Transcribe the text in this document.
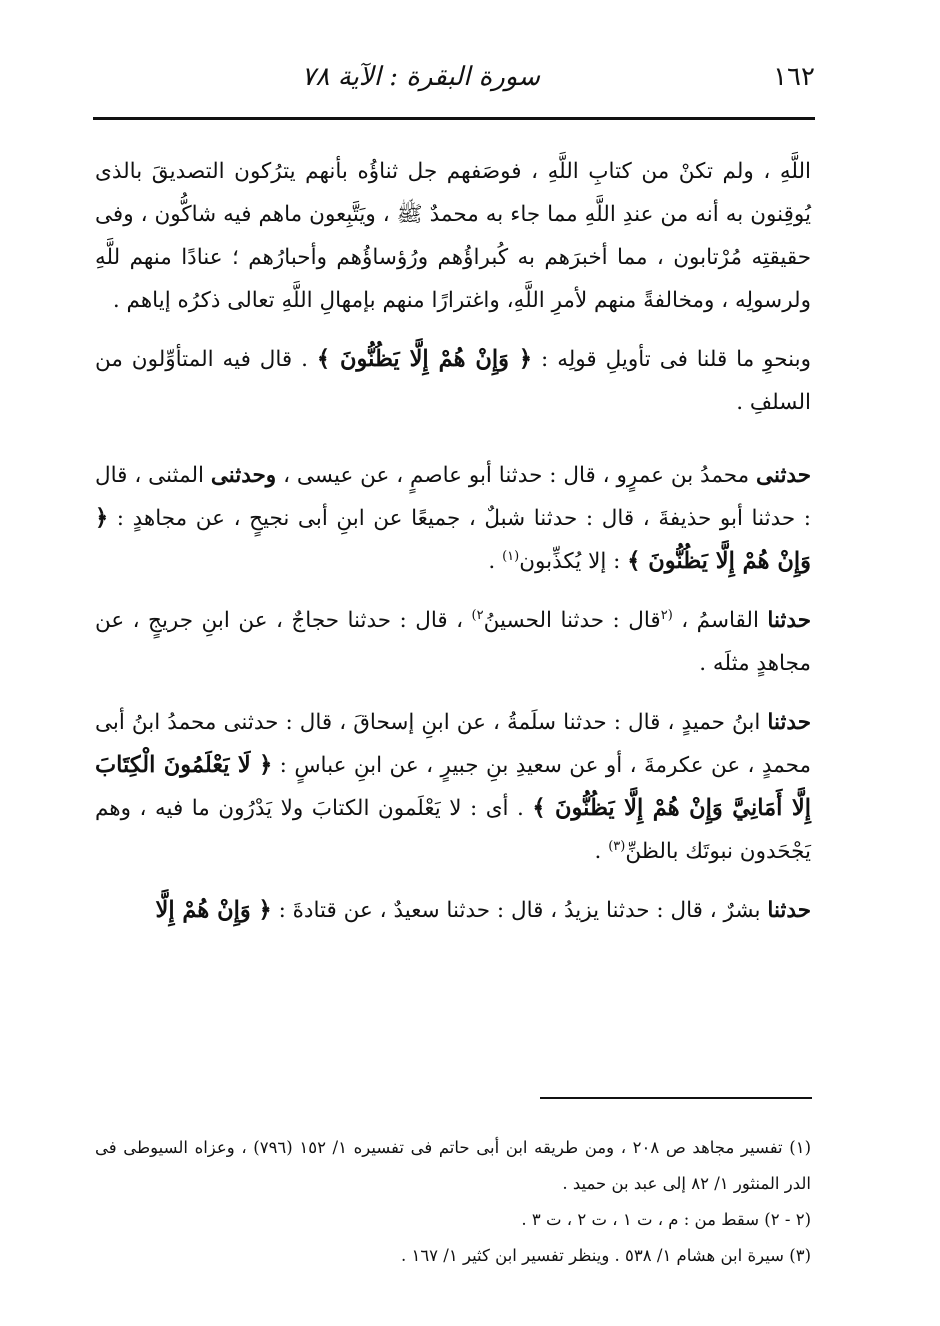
١٦٢
سورة البقرة : الآية ٧٨

اللَّهِ ، ولم تكنْ من كتابِ اللَّهِ ، فوصَفهم جل ثناؤُه بأنهم يترُكون التصديقَ بالذى يُوقِنون به أنه من عندِ اللَّهِ مما جاء به محمدٌ ﷺ ، ويَتَّبِعون ماهم فيه شاكُّون ، وفى حقيقتِه مُرْتابون ، مما أخبرَهم به كُبراؤُهم ورُؤساؤُهم وأحبارُهم ؛ عنادًا منهم للَّهِ ولرسولِه ، ومخالفةً منهم لأمرِ اللَّهِ، واغترارًا منهم بإمهالِ اللَّهِ تعالى ذكرُه إياهم .

وبنحوِ ما قلنا فى تأويلِ قولِه : ﴿ وَإِنْ هُمْ إِلَّا يَظُنُّونَ ﴾ . قال فيه المتأوِّلون من السلفِ .

حدثنى محمدُ بن عمرٍو ، قال : حدثنا أبو عاصمٍ ، عن عيسى ، وحدثنى المثنى ، قال : حدثنا أبو حذيفةَ ، قال : حدثنا شبلٌ ، جميعًا عن ابنِ أبى نجيحٍ ، عن مجاهدٍ : ﴿ وَإِنْ هُمْ إِلَّا يَظُنُّونَ ﴾ : إلا يُكذِّبون$^{(١)}$ .

حدثنا القاسمُ ، $^{(٢}$قال : حدثنا الحسينُ$^{٢)}$ ، قال : حدثنا حجاجٌ ، عن ابنِ جريجٍ ، عن مجاهدٍ مثلَه .

حدثنا ابنُ حميدٍ ، قال : حدثنا سلَمةُ ، عن ابنِ إسحاقَ ، قال : حدثنى محمدُ ابنُ أبى محمدٍ ، عن عكرمةَ ، أو عن سعيدِ بنِ جبيرٍ ، عن ابنِ عباسٍ : ﴿ لَا يَعْلَمُونَ الْكِتَابَ إِلَّا أَمَانِيَّ وَإِنْ هُمْ إِلَّا يَظُنُّونَ ﴾ . أى : لا يَعْلَمون الكتابَ ولا يَدْرُون ما فيه ، وهم يَجْحَدون نبوتَك بالظنِّ$^{(٣)}$ .

حدثنا بشرٌ ، قال : حدثنا يزيدُ ، قال : حدثنا سعيدٌ ، عن قتادةَ : ﴿ وَإِنْ هُمْ إِلَّا

(١) تفسير مجاهد ص ٢٠٨ ، ومن طريقه ابن أبى حاتم فى تفسيره ١/ ١٥٢ (٧٩٦) ، وعزاه السيوطى فى الدر المنثور ١/ ٨٢ إلى عبد بن حميد .

(٢ - ٢) سقط من : م ، ت ١ ، ت ٢ ، ت ٣ .

(٣) سيرة ابن هشام ١/ ٥٣٨ . وينظر تفسير ابن كثير ١/ ١٦٧ .
